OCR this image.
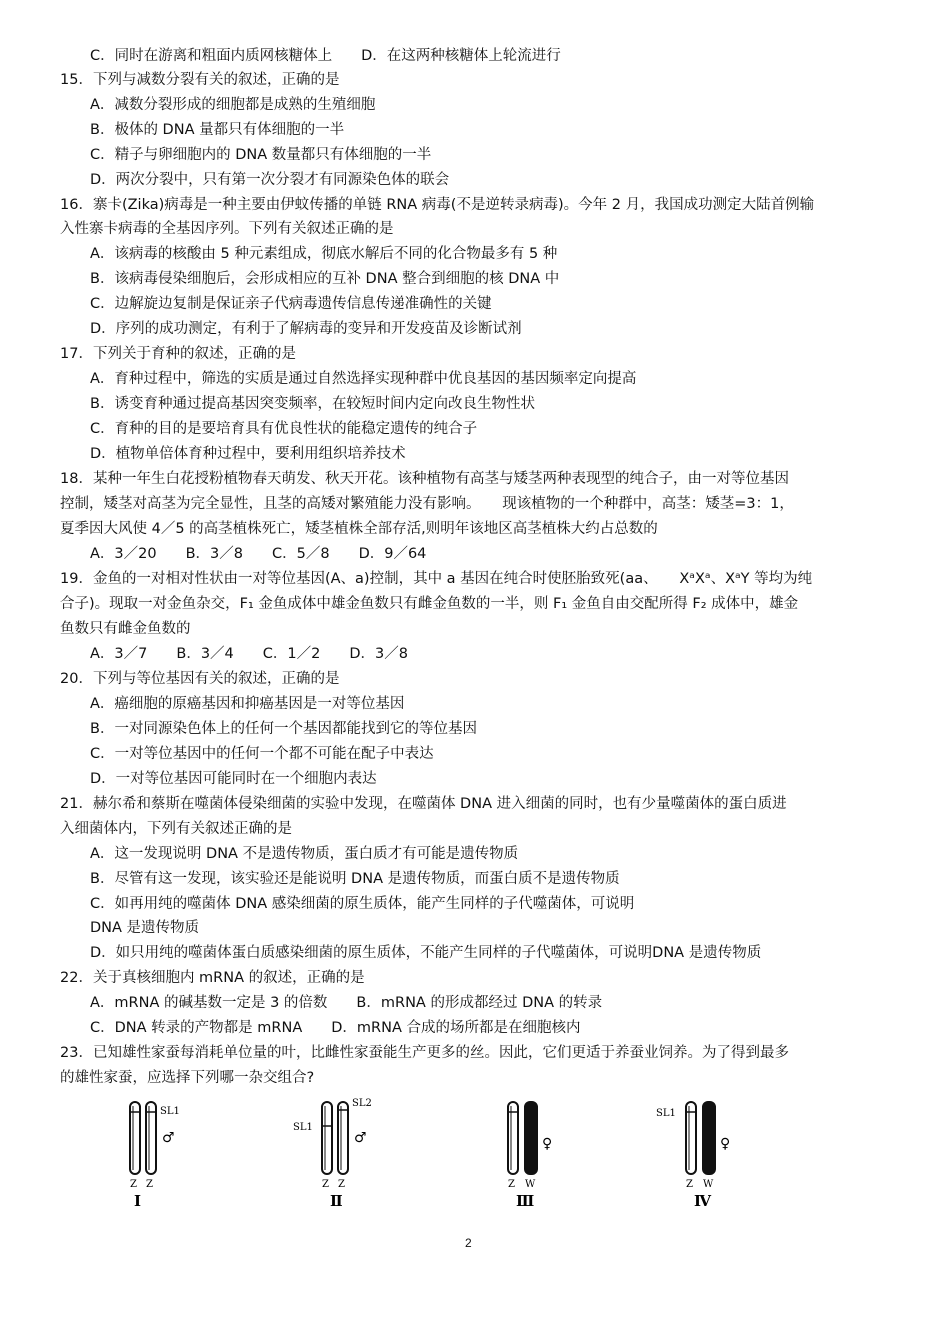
C．同时在游离和粗面内质网核糖体上　　D．在这两种核糖体上轮流进行
15．下列与减数分裂有关的叙述，正确的是
A．减数分裂形成的细胞都是成熟的生殖细胞
B．极体的 DNA 量都只有体细胞的一半
C．精子与卵细胞内的 DNA 数量都只有体细胞的一半
D．两次分裂中，只有第一次分裂才有同源染色体的联会
16．寨卡(Zika)病毒是一种主要由伊蚊传播的单链 RNA 病毒(不是逆转录病毒)。今年 2 月，我国成功测定大陆首例输
入性寨卡病毒的全基因序列。下列有关叙述正确的是
A．该病毒的核酸由 5 种元素组成，彻底水解后不同的化合物最多有 5 种
B．该病毒侵染细胞后，会形成相应的互补 DNA 整合到细胞的核 DNA 中
C．边解旋边复制是保证亲子代病毒遗传信息传递准确性的关键
D．序列的成功测定，有利于了解病毒的变异和开发疫苗及诊断试剂
17．下列关于育种的叙述，正确的是
A．育种过程中，筛选的实质是通过自然选择实现种群中优良基因的基因频率定向提高
B．诱变育种通过提高基因突变频率，在较短时间内定向改良生物性状
C．育种的目的是要培育具有优良性状的能稳定遗传的纯合子
D．植物单倍体育种过程中，要利用组织培养技术
18．某种一年生白花授粉植物春天萌发、秋天开花。该种植物有高茎与矮茎两种表现型的纯合子，由一对等位基因
控制，矮茎对高茎为完全显性，且茎的高矮对繁殖能力没有影响。　　现该植物的一个种群中，高茎：矮茎=3：1，
夏季因大风使 4／5 的高茎植株死亡，矮茎植株全部存活,则明年该地区高茎植株大约占总数的
A．3／20　　B．3／8　　C．5／8　　D．9／64
19．金鱼的一对相对性状由一对等位基因(A、a)控制，其中 a 基因在纯合时使胚胎致死(aa、　　XᵃXᵃ、XᵃY 等均为纯
合子)。现取一对金鱼杂交，F₁ 金鱼成体中雄金鱼数只有雌金鱼数的一半，则 F₁ 金鱼自由交配所得 F₂ 成体中，雄金
鱼数只有雌金鱼数的
A．3／7　　B．3／4　　C．1／2　　D．3／8
20．下列与等位基因有关的叙述，正确的是
A．癌细胞的原癌基因和抑癌基因是一对等位基因
B．一对同源染色体上的任何一个基因都能找到它的等位基因
C．一对等位基因中的任何一个都不可能在配子中表达
D．一对等位基因可能同时在一个细胞内表达
21．赫尔希和蔡斯在噬菌体侵染细菌的实验中发现，在噬菌体 DNA 进入细菌的同时，也有少量噬菌体的蛋白质进
入细菌体内，下列有关叙述正确的是
A．这一发现说明 DNA 不是遗传物质，蛋白质才有可能是遗传物质
B．尽管有这一发现，该实验还是能说明 DNA 是遗传物质，而蛋白质不是遗传物质
C．如再用纯的噬菌体 DNA 感染细菌的原生质体，能产生同样的子代噬菌体，可说明
DNA 是遗传物质
D．如只用纯的噬菌体蛋白质感染细菌的原生质体，不能产生同样的子代噬菌体，可说明DNA 是遗传物质
22．关于真核细胞内 mRNA 的叙述，正确的是
A．mRNA 的碱基数一定是 3 的倍数　　B．mRNA 的形成都经过 DNA 的转录
C．DNA 转录的产物都是 mRNA　　D．mRNA 合成的场所都是在细胞核内
23．已知雄性家蚕每消耗单位量的叶，比雌性家蚕能生产更多的丝。因此，它们更适于养蚕业饲养。为了得到最多
的雄性家蚕，应选择下列哪一杂交组合?
SL1
♂
Z Z
Ⅰ
SL1
SL2
♂
Z Z
Ⅱ
♀
Z W
Ⅲ
SL1
♀
Z W
Ⅳ
2
